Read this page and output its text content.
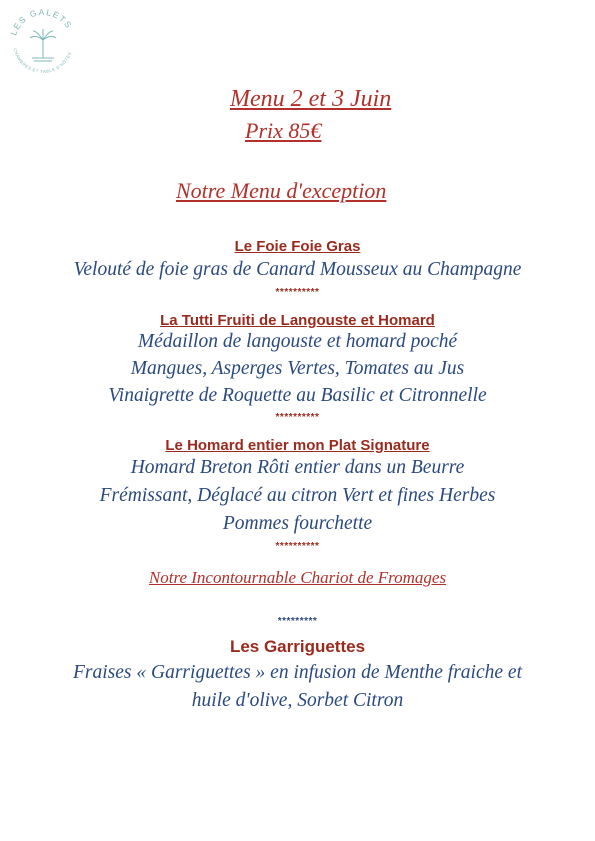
LES GALETS
CHAMBRES ET TABLE D'HÔTES
Menu 2 et 3 Juin
Prix 85€
Notre Menu d'exception
Le Foie Foie Gras
Velouté de foie gras de Canard Mousseux au Champagne
**********
La Tutti Fruiti de Langouste et Homard
Médaillon de langouste et homard poché
Mangues, Asperges Vertes, Tomates au Jus
Vinaigrette de Roquette au Basilic et Citronnelle
**********
Le Homard entier mon Plat Signature
Homard Breton Rôti entier dans un Beurre
Frémissant, Déglacé au citron Vert et fines Herbes
Pommes fourchette
**********
Notre Incontournable Chariot de Fromages
*********
Les Garriguettes
Fraises « Garriguettes » en infusion de Menthe fraiche et
huile d'olive, Sorbet Citron
